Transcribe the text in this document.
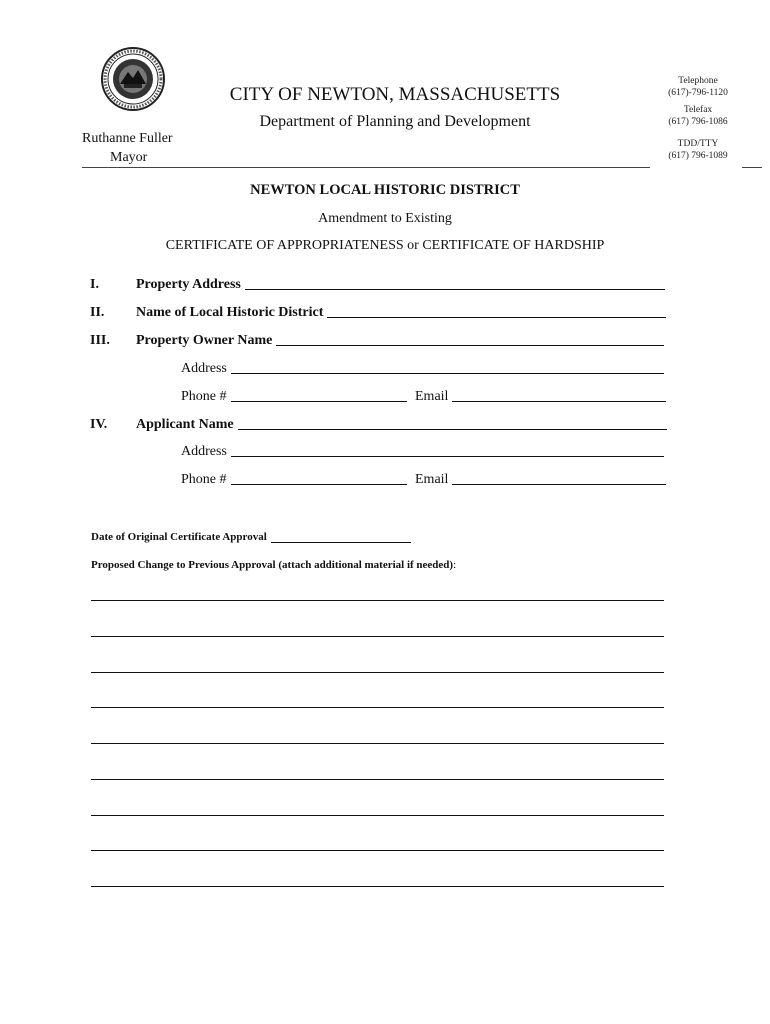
CITY OF NEWTON, MASSACHUSETTS
Department of Planning and Development
Ruthanne Fuller
Mayor
Telephone
(617)-796-1120
Telefax
(617) 796-1086
TDD/TTY
(617) 796-1089
NEWTON LOCAL HISTORIC DISTRICT
Amendment to Existing
CERTIFICATE OF APPROPRIATENESS or CERTIFICATE OF HARDSHIP
I.	Property Address
II. Name of Local Historic District
III. Property Owner Name
Address
Phone #	Email
IV. Applicant Name
Address
Phone #	Email
Date of Original Certificate Approval
Proposed Change to Previous Approval (attach additional material if needed):
